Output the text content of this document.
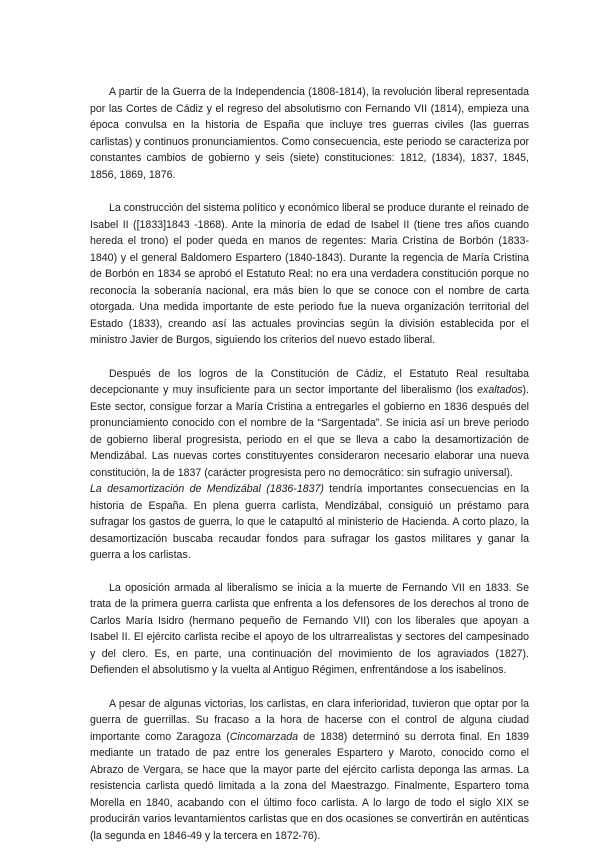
A partir de la Guerra de la Independencia (1808-1814), la revolución liberal representada por las Cortes de Cádiz y el regreso del absolutismo con Fernando VII (1814), empieza una época convulsa en la historia de España que incluye tres guerras civiles (las guerras carlistas) y continuos pronunciamientos. Como consecuencia, este periodo se caracteriza por constantes cambios de gobierno y seis (siete) constituciones: 1812, (1834), 1837, 1845, 1856, 1869, 1876.

La construcción del sistema político y económico liberal se produce durante el reinado de Isabel II ([1833]1843 -1868). Ante la minoría de edad de Isabel II (tiene tres años cuando hereda el trono) el poder queda en manos de regentes: Maria Cristina de Borbón (1833-1840) y el general Baldomero Espartero (1840-1843). Durante la regencia de María Cristina de Borbón en 1834 se aprobó el Estatuto Real: no era una verdadera constitución porque no reconocía la soberanía nacional, era más bien lo que se conoce con el nombre de carta otorgada. Una medida importante de este periodo fue la nueva organización territorial del Estado (1833), creando así las actuales provincias según la división establecida por el ministro Javier de Burgos, siguiendo los criterios del nuevo estado liberal.

Después de los logros de la Constitución de Cádiz, el Estatuto Real resultaba decepcionante y muy insuficiente para un sector importante del liberalismo (los exaltados). Este sector, consigue forzar a María Cristina a entregarles el gobierno en 1836 después del pronunciamiento conocido con el nombre de la “Sargentada”. Se inicia así un breve periodo de gobierno liberal progresista, periodo en el que se lleva a cabo la desamortización de Mendizábal. Las nuevas cortes constituyentes consideraron necesario elaborar una nueva constitución, la de 1837 (carácter progresista pero no democrático: sin sufragio universal).
La desamortización de Mendizábal (1836-1837) tendría importantes consecuencias en la historia de España. En plena guerra carlista, Mendizábal, consiguió un préstamo para sufragar los gastos de guerra, lo que le catapultó al ministerio de Hacienda. A corto plazo, la desamortización buscaba recaudar fondos para sufragar los gastos militares y ganar la guerra a los carlistas.

La oposición armada al liberalismo se inicia a la muerte de Fernando VII en 1833. Se trata de la primera guerra carlista que enfrenta a los defensores de los derechos al trono de Carlos María Isidro (hermano pequeño de Fernando VII) con los liberales que apoyan a Isabel II. El ejército carlista recibe el apoyo de los ultrarrealistas y sectores del campesinado y del clero. Es, en parte, una continuación del movimiento de los agraviados (1827). Defienden el absolutismo y la vuelta al Antiguo Régimen, enfrentándose a los isabelinos.

A pesar de algunas victorias, los carlistas, en clara inferioridad, tuvieron que optar por la guerra de guerrillas. Su fracaso a la hora de hacerse con el control de alguna ciudad importante como Zaragoza (Cincomarzada de 1838) determinó su derrota final. En 1839 mediante un tratado de paz entre los generales Espartero y Maroto, conocido como el Abrazo de Vergara, se hace que la mayor parte del ejército carlista deponga las armas. La resistencia carlista quedó limitada a la zona del Maestrazgo. Finalmente, Espartero toma Morella en 1840, acabando con el último foco carlista. A lo largo de todo el siglo XIX se producirán varios levantamientos carlistas que en dos ocasiones se convertirán en auténticas (la segunda en 1846-49 y la tercera en 1872-76).
